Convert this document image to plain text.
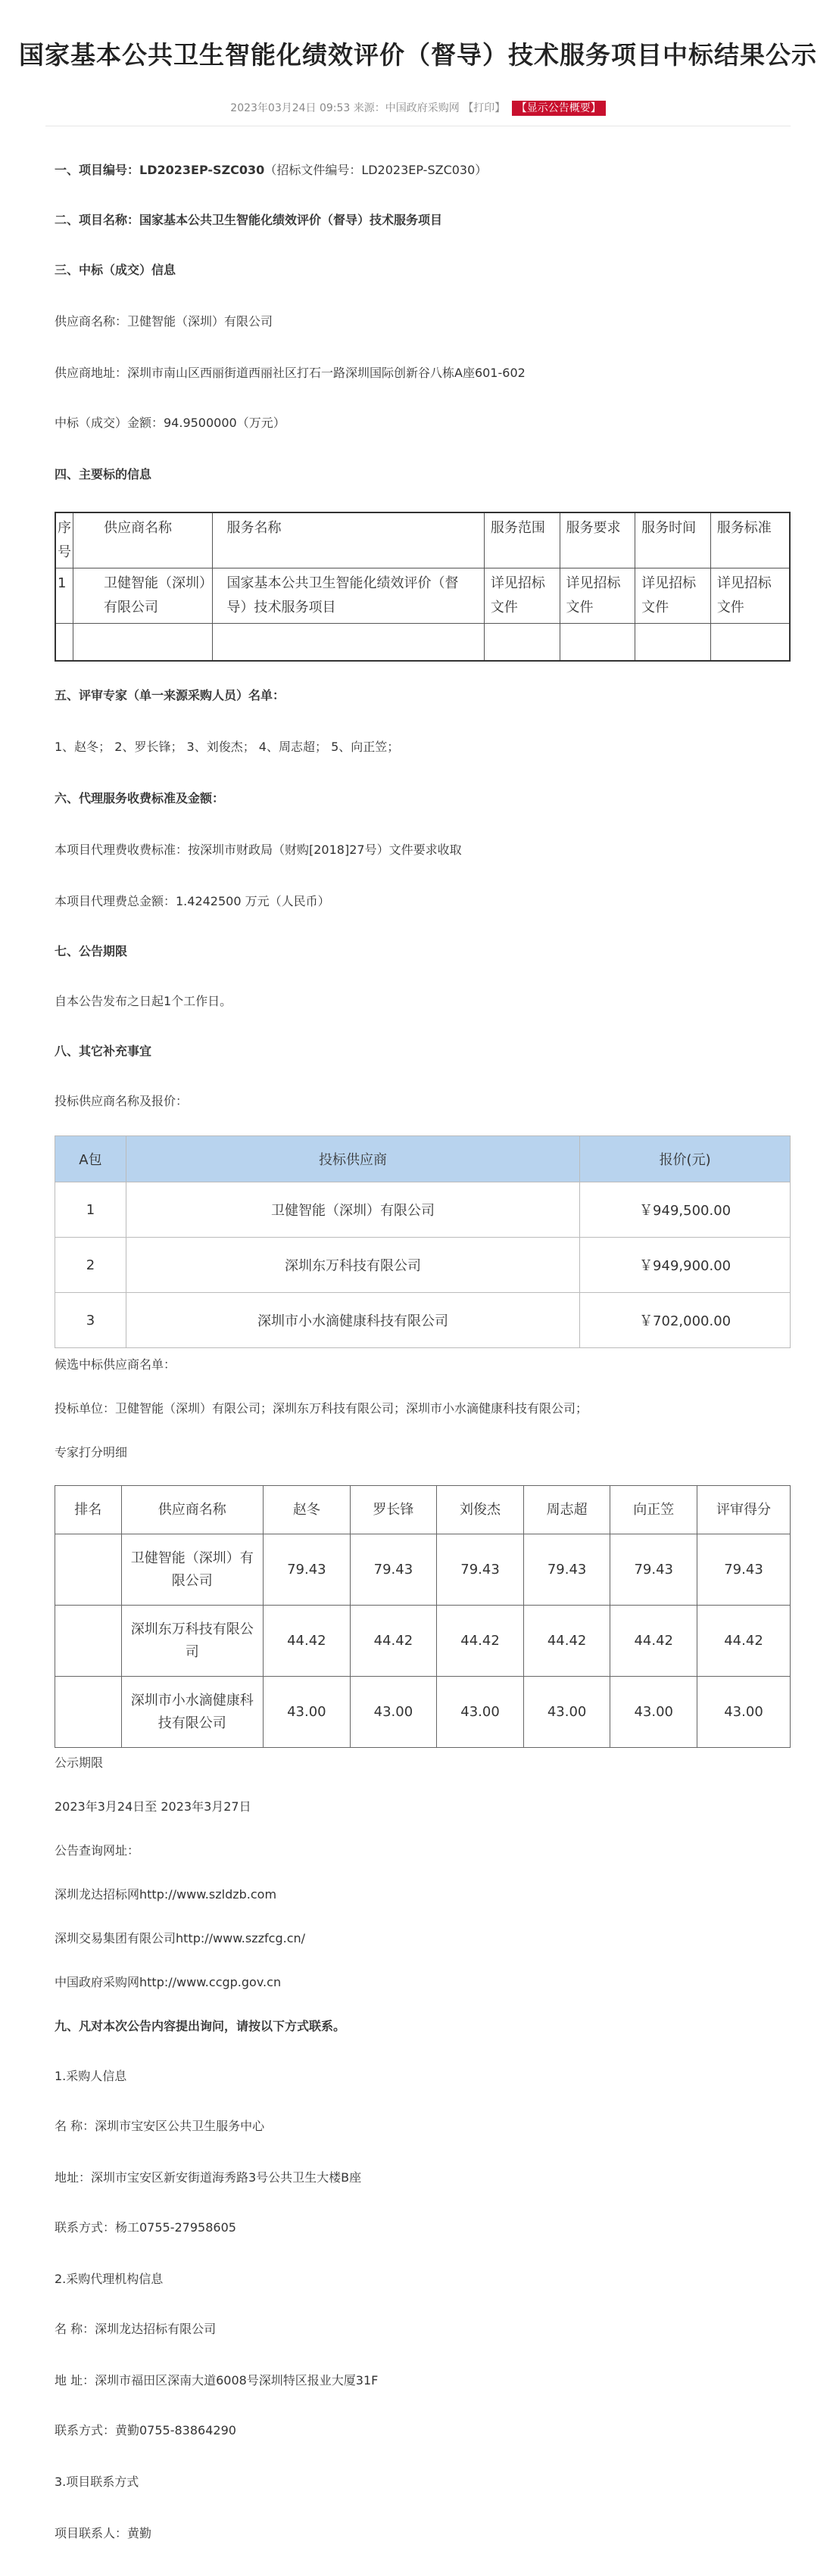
国家基本公共卫生智能化绩效评价（督导）技术服务项目中标结果公示
2023年03月24日 09:53 来源：中国政府采购网 【打印】 【显示公告概要】

一、项目编号：LD2023EP-SZC030（招标文件编号：LD2023EP-SZC030）

二、项目名称：国家基本公共卫生智能化绩效评价（督导）技术服务项目

三、中标（成交）信息

供应商名称：卫健智能（深圳）有限公司

供应商地址：深圳市南山区西丽街道西丽社区打石一路深圳国际创新谷八栋A座601-602

中标（成交）金额：94.9500000（万元）

四、主要标的信息

序号	供应商名称	服务名称	服务范围	服务要求	服务时间	服务标准
1	卫健智能（深圳）有限公司	国家基本公共卫生智能化绩效评价（督导）技术服务项目	详见招标文件	详见招标文件	详见招标文件	详见招标文件

五、评审专家（单一来源采购人员）名单：

1、赵冬； 2、罗长锋； 3、刘俊杰； 4、周志超； 5、向正笠；

六、代理服务收费标准及金额：

本项目代理费收费标准：按深圳市财政局（财购[2018]27号）文件要求收取

本项目代理费总金额：1.4242500 万元（人民币）

七、公告期限

自本公告发布之日起1个工作日。

八、其它补充事宜

投标供应商名称及报价：

A包	投标供应商	报价(元)
1	卫健智能（深圳）有限公司	￥949,500.00
2	深圳东万科技有限公司	￥949,900.00
3	深圳市小水滴健康科技有限公司	￥702,000.00

候选中标供应商名单：

投标单位：卫健智能（深圳）有限公司；深圳东万科技有限公司；深圳市小水滴健康科技有限公司；

专家打分明细

排名	供应商名称	赵冬	罗长锋	刘俊杰	周志超	向正笠	评审得分
	卫健智能（深圳）有限公司	79.43	79.43	79.43	79.43	79.43	79.43
	深圳东万科技有限公司	44.42	44.42	44.42	44.42	44.42	44.42
	深圳市小水滴健康科技有限公司	43.00	43.00	43.00	43.00	43.00	43.00

公示期限

2023年3月24日至 2023年3月27日

公告查询网址：

深圳龙达招标网http://www.szldzb.com

深圳交易集团有限公司http://www.szzfcg.cn/

中国政府采购网http://www.ccgp.gov.cn

九、凡对本次公告内容提出询问，请按以下方式联系。

1.采购人信息

名 称：深圳市宝安区公共卫生服务中心

地址：深圳市宝安区新安街道海秀路3号公共卫生大楼B座

联系方式：杨工0755-27958605

2.采购代理机构信息

名 称：深圳龙达招标有限公司

地 址：深圳市福田区深南大道6008号深圳特区报业大厦31F

联系方式：黄勤0755-83864290

3.项目联系方式

项目联系人：黄勤
